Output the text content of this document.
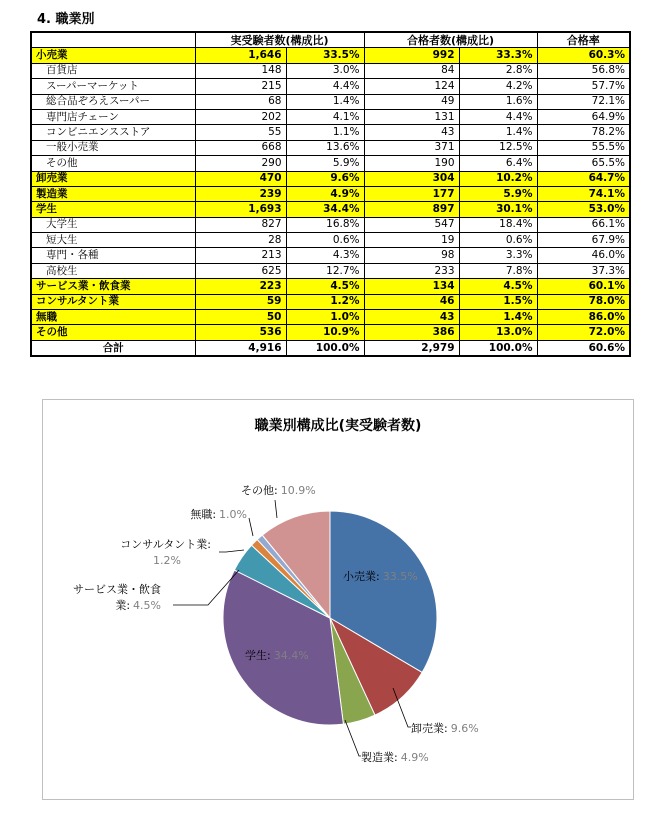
4. 職業別
	実受験者数(構成比)		合格者数(構成比)		合格率
小売業	1,646	33.5%	992	33.3%	60.3%
百貨店	148	3.0%	84	2.8%	56.8%
スーパーマーケット	215	4.4%	124	4.2%	57.7%
総合品ぞろえスーパー	68	1.4%	49	1.6%	72.1%
専門店チェーン	202	4.1%	131	4.4%	64.9%
コンビニエンスストア	55	1.1%	43	1.4%	78.2%
一般小売業	668	13.6%	371	12.5%	55.5%
その他	290	5.9%	190	6.4%	65.5%
卸売業	470	9.6%	304	10.2%	64.7%
製造業	239	4.9%	177	5.9%	74.1%
学生	1,693	34.4%	897	30.1%	53.0%
大学生	827	16.8%	547	18.4%	66.1%
短大生	28	0.6%	19	0.6%	67.9%
専門・各種	213	4.3%	98	3.3%	46.0%
高校生	625	12.7%	233	7.8%	37.3%
サービス業・飲食業	223	4.5%	134	4.5%	60.1%
コンサルタント業	59	1.2%	46	1.5%	78.0%
無職	50	1.0%	43	1.4%	86.0%
その他	536	10.9%	386	13.0%	72.0%
合計	4,916	100.0%	2,979	100.0%	60.6%
職業別構成比(実受験者数)
小売業: 33.5%
卸売業: 9.6%
製造業: 4.9%
学生: 34.4%
サービス業・飲食業: 4.5%
コンサルタント業: 1.2%
無職: 1.0%
その他: 10.9%
